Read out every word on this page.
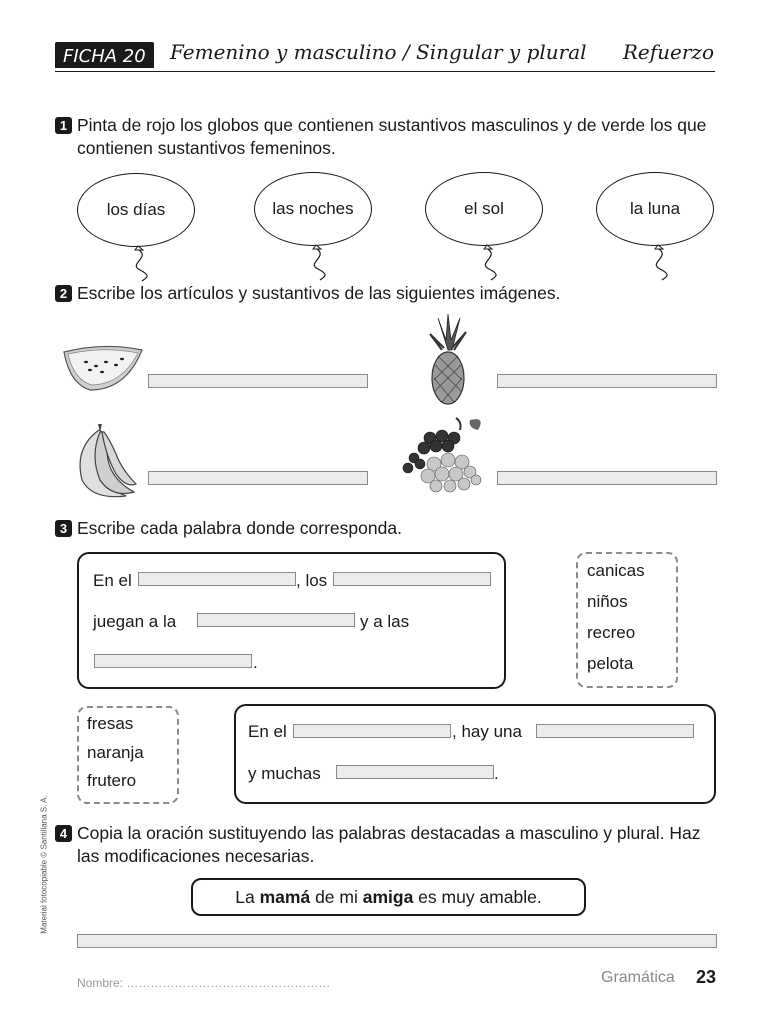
FICHA 20	Femenino y masculino / Singular y plural Refuerzo
1 Pinta de rojo los globos que contienen sustantivos masculinos y de verde los que contienen sustantivos femeninos.
los días	las noches	el sol	la luna
2 Escribe los artículos y sustantivos de las siguientes imágenes.
3 Escribe cada palabra donde corresponda.
En el	, los
juegan a la	y a las
.
canicas
niños
recreo
pelota
fresas
naranja
frutero
En el	, hay una
y muchas	.
4 Copia la oración sustituyendo las palabras destacadas a masculino y plural. Haz las modificaciones necesarias.
La mamá de mi amiga es muy amable.
Material fotocopiable © Santillana S. A.
Nombre: ……………………………………………	Gramática 23
